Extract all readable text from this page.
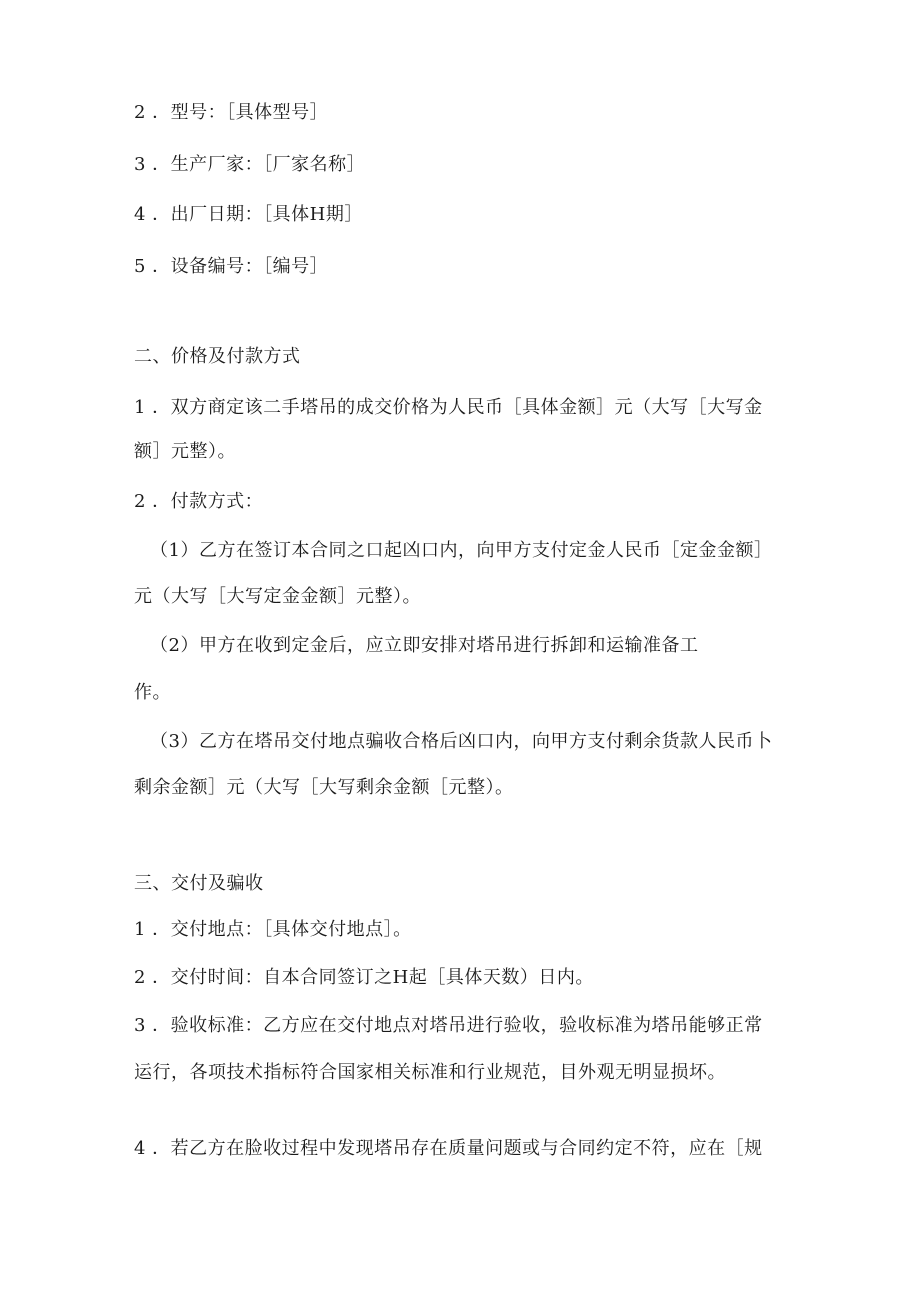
2 ．型号：［具体型号］
3 ．生产厂家：［厂家名称］
4 ．出厂日期：［具体H期］
5 ．设备编号：［编号］
二、价格及付款方式
1 ．双方商定该二手塔吊的成交价格为人民币［具体金额］元（大写［大写金
额］元整）。
2 ．付款方式：
（1）乙方在签订本合同之口起凶口内，向甲方支付定金人民币［定金金额］
元（大写［大写定金金额］元整）。
（2）甲方在收到定金后，应立即安排对塔吊进行拆卸和运输准备工
作。
（3）乙方在塔吊交付地点骗收合格后凶口内，向甲方支付剩余货款人民币卜
剩余金额］元（大写［大写剩余金额［元整）。
三、交付及骗收
1 ．交付地点：［具体交付地点］。
2 ．交付时间：自本合同签订之H起［具体天数）日内。
3 ．验收标准：乙方应在交付地点对塔吊进行验收，验收标准为塔吊能够正常
运行，各项技术指标符合国家相关标准和行业规范，目外观无明显损坏。
4 ．若乙方在脸收过程中发现塔吊存在质量问题或与合同约定不符，应在［规
